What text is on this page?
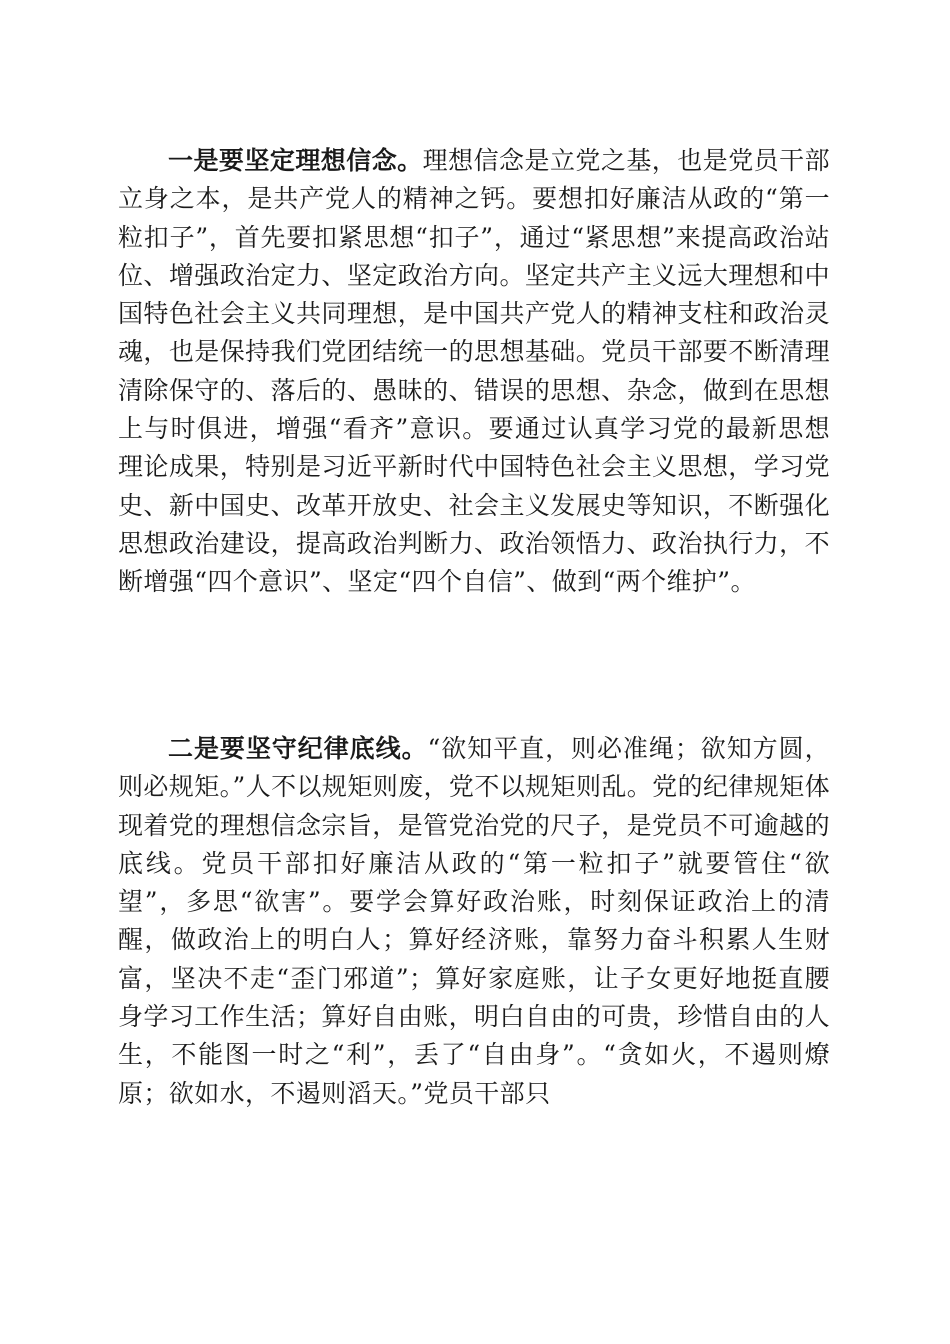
一是要坚定理想信念。理想信念是立党之基，也是党员干部立身之本，是共产党人的精神之钙。要想扣好廉洁从政的“第一粒扣子”，首先要扣紧思想“扣子”，通过“紧思想”来提高政治站位、增强政治定力、坚定政治方向。坚定共产主义远大理想和中国特色社会主义共同理想，是中国共产党人的精神支柱和政治灵魂，也是保持我们党团结统一的思想基础。党员干部要不断清理清除保守的、落后的、愚昧的、错误的思想、杂念，做到在思想上与时俱进，增强“看齐”意识。要通过认真学习党的最新思想理论成果，特别是习近平新时代中国特色社会主义思想，学习党史、新中国史、改革开放史、社会主义发展史等知识，不断强化思想政治建设，提高政治判断力、政治领悟力、政治执行力，不断增强“四个意识”、坚定“四个自信”、做到“两个维护”。

二是要坚守纪律底线。“欲知平直，则必准绳；欲知方圆，则必规矩。”人不以规矩则废，党不以规矩则乱。党的纪律规矩体现着党的理想信念宗旨，是管党治党的尺子，是党员不可逾越的底线。党员干部扣好廉洁从政的“第一粒扣子”就要管住“欲望”，多思“欲害”。要学会算好政治账，时刻保证政治上的清醒，做政治上的明白人；算好经济账，靠努力奋斗积累人生财富，坚决不走“歪门邪道”；算好家庭账，让子女更好地挺直腰身学习工作生活；算好自由账，明白自由的可贵，珍惜自由的人生，不能图一时之“利”，丢了“自由身”。“贪如火，不遏则燎原；欲如水，不遏则滔天。”党员干部只
